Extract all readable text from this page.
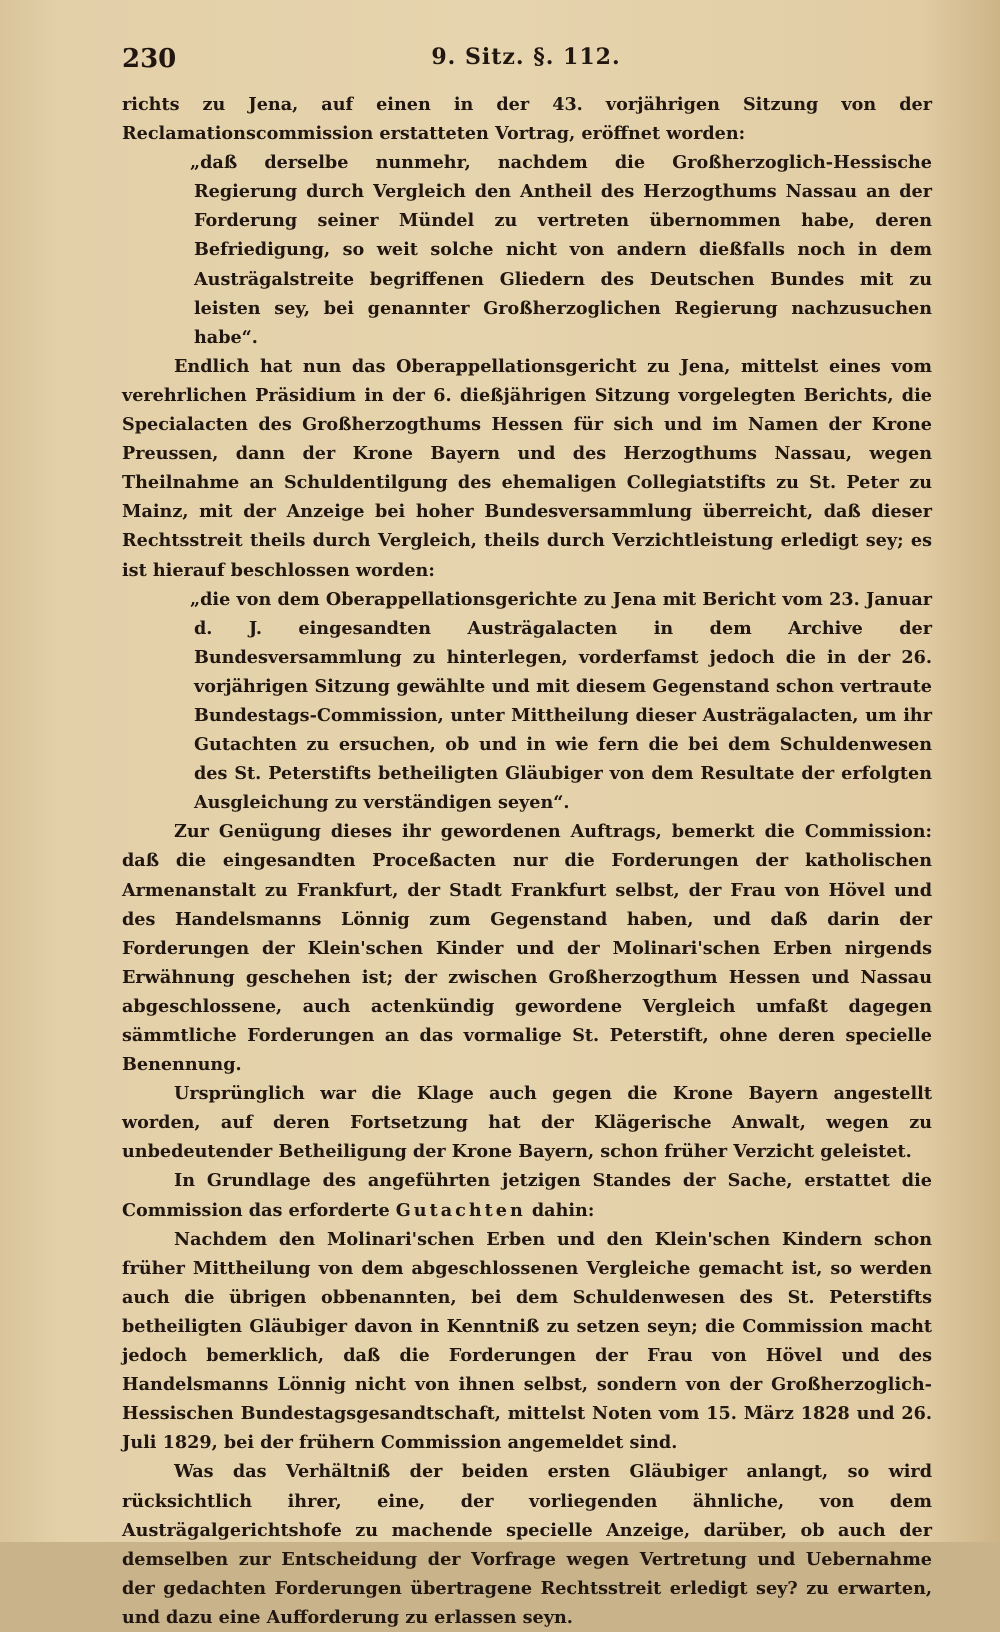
230	9. Sitz. §. 112.

richts zu Jena, auf einen in der 43. vorjährigen Sitzung von der Reclamationscommission erstatteten Vortrag, eröffnet worden:

„daß derselbe nunmehr, nachdem die Großherzoglich-Hessische Regierung durch Vergleich den Antheil des Herzogthums Nassau an der Forderung seiner Mündel zu vertreten übernommen habe, deren Befriedigung, so weit solche nicht von andern dießfalls noch in dem Austrägalstreite begriffenen Gliedern des Deutschen Bundes mit zu leisten sey, bei genannter Großherzoglichen Regierung nachzusuchen habe“.

Endlich hat nun das Oberappellationsgericht zu Jena, mittelst eines vom verehrlichen Präsidium in der 6. dießjährigen Sitzung vorgelegten Berichts, die Specialacten des Großherzogthums Hessen für sich und im Namen der Krone Preussen, dann der Krone Bayern und des Herzogthums Nassau, wegen Theilnahme an Schuldentilgung des ehemaligen Collegiatstifts zu St. Peter zu Mainz, mit der Anzeige bei hoher Bundesversammlung überreicht, daß dieser Rechtsstreit theils durch Vergleich, theils durch Verzichtleistung erledigt sey; es ist hierauf beschlossen worden:

„die von dem Oberappellationsgerichte zu Jena mit Bericht vom 23. Januar d. J. eingesandten Austrägalacten in dem Archive der Bundesversammlung zu hinterlegen, vorderfamst jedoch die in der 26. vorjährigen Sitzung gewählte und mit diesem Gegenstand schon vertraute Bundestags-Commission, unter Mittheilung dieser Austrägalacten, um ihr Gutachten zu ersuchen, ob und in wie fern die bei dem Schuldenwesen des St. Peterstifts betheiligten Gläubiger von dem Resultate der erfolgten Ausgleichung zu verständigen seyen“.

Zur Genügung dieses ihr gewordenen Auftrags, bemerkt die Commission: daß die eingesandten Proceßacten nur die Forderungen der katholischen Armenanstalt zu Frankfurt, der Stadt Frankfurt selbst, der Frau von Hövel und des Handelsmanns Lönnig zum Gegenstand haben, und daß darin der Forderungen der Klein'schen Kinder und der Molinari'schen Erben nirgends Erwähnung geschehen ist; der zwischen Großherzogthum Hessen und Nassau abgeschlossene, auch actenkündig gewordene Vergleich umfaßt dagegen sämmtliche Forderungen an das vormalige St. Peterstift, ohne deren specielle Benennung.

Ursprünglich war die Klage auch gegen die Krone Bayern angestellt worden, auf deren Fortsetzung hat der Klägerische Anwalt, wegen zu unbedeutender Betheiligung der Krone Bayern, schon früher Verzicht geleistet.

In Grundlage des angeführten jetzigen Standes der Sache, erstattet die Commission das erforderte Gutachten dahin:

Nachdem den Molinari'schen Erben und den Klein'schen Kindern schon früher Mittheilung von dem abgeschlossenen Vergleiche gemacht ist, so werden auch die übrigen obbenannten, bei dem Schuldenwesen des St. Peterstifts betheiligten Gläubiger davon in Kenntniß zu setzen seyn; die Commission macht jedoch bemerklich, daß die Forderungen der Frau von Hövel und des Handelsmanns Lönnig nicht von ihnen selbst, sondern von der Großherzoglich-Hessischen Bundestagsgesandtschaft, mittelst Noten vom 15. März 1828 und 26. Juli 1829, bei der frühern Commission angemeldet sind.

Was das Verhältniß der beiden ersten Gläubiger anlangt, so wird rücksichtlich ihrer, eine, der vorliegenden ähnliche, von dem Austrägalgerichtshofe zu machende specielle Anzeige, darüber, ob auch der demselben zur Entscheidung der Vorfrage wegen Vertretung und Uebernahme der gedachten Forderungen übertragene Rechtsstreit erledigt sey? zu erwarten, und dazu eine Aufforderung zu erlassen seyn.
